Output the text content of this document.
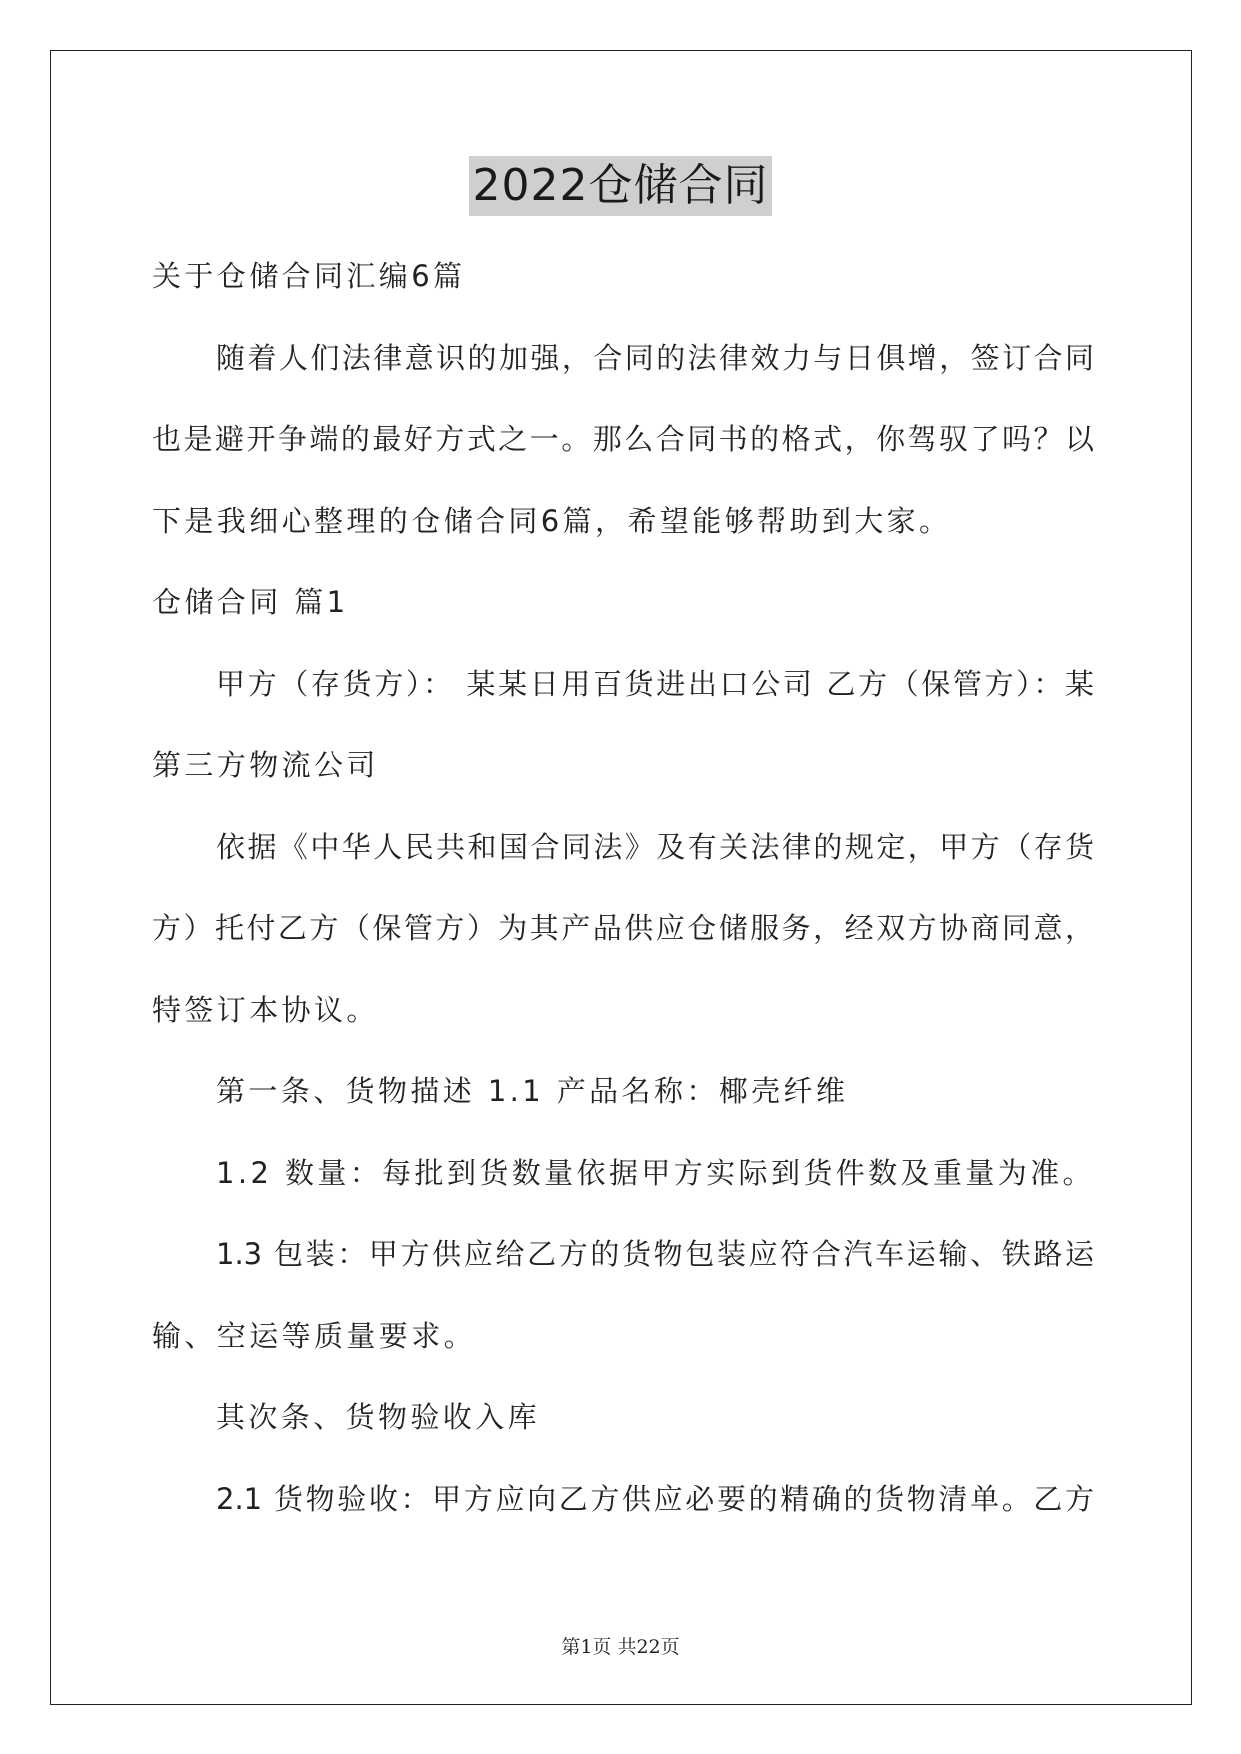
2022仓储合同
关于仓储合同汇编6篇
随着人们法律意识的加强，合同的法律效力与日俱增，签订合同
也是避开争端的最好方式之一。那么合同书的格式，你驾驭了吗？以
下是我细心整理的仓储合同6篇，希望能够帮助到大家。
仓储合同 篇1
甲方（存货方）： 某某日用百货进出口公司 乙方（保管方）：某
第三方物流公司
依据《中华人民共和国合同法》及有关法律的规定，甲方（存货
方）托付乙方（保管方）为其产品供应仓储服务，经双方协商同意，
特签订本协议。
第一条、货物描述 1.1 产品名称：椰壳纤维
1.2 数量：每批到货数量依据甲方实际到货件数及重量为准。
1.3 包装：甲方供应给乙方的货物包装应符合汽车运输、铁路运
输、空运等质量要求。
其次条、货物验收入库
2.1 货物验收：甲方应向乙方供应必要的精确的货物清单。乙方
第1页 共22页
